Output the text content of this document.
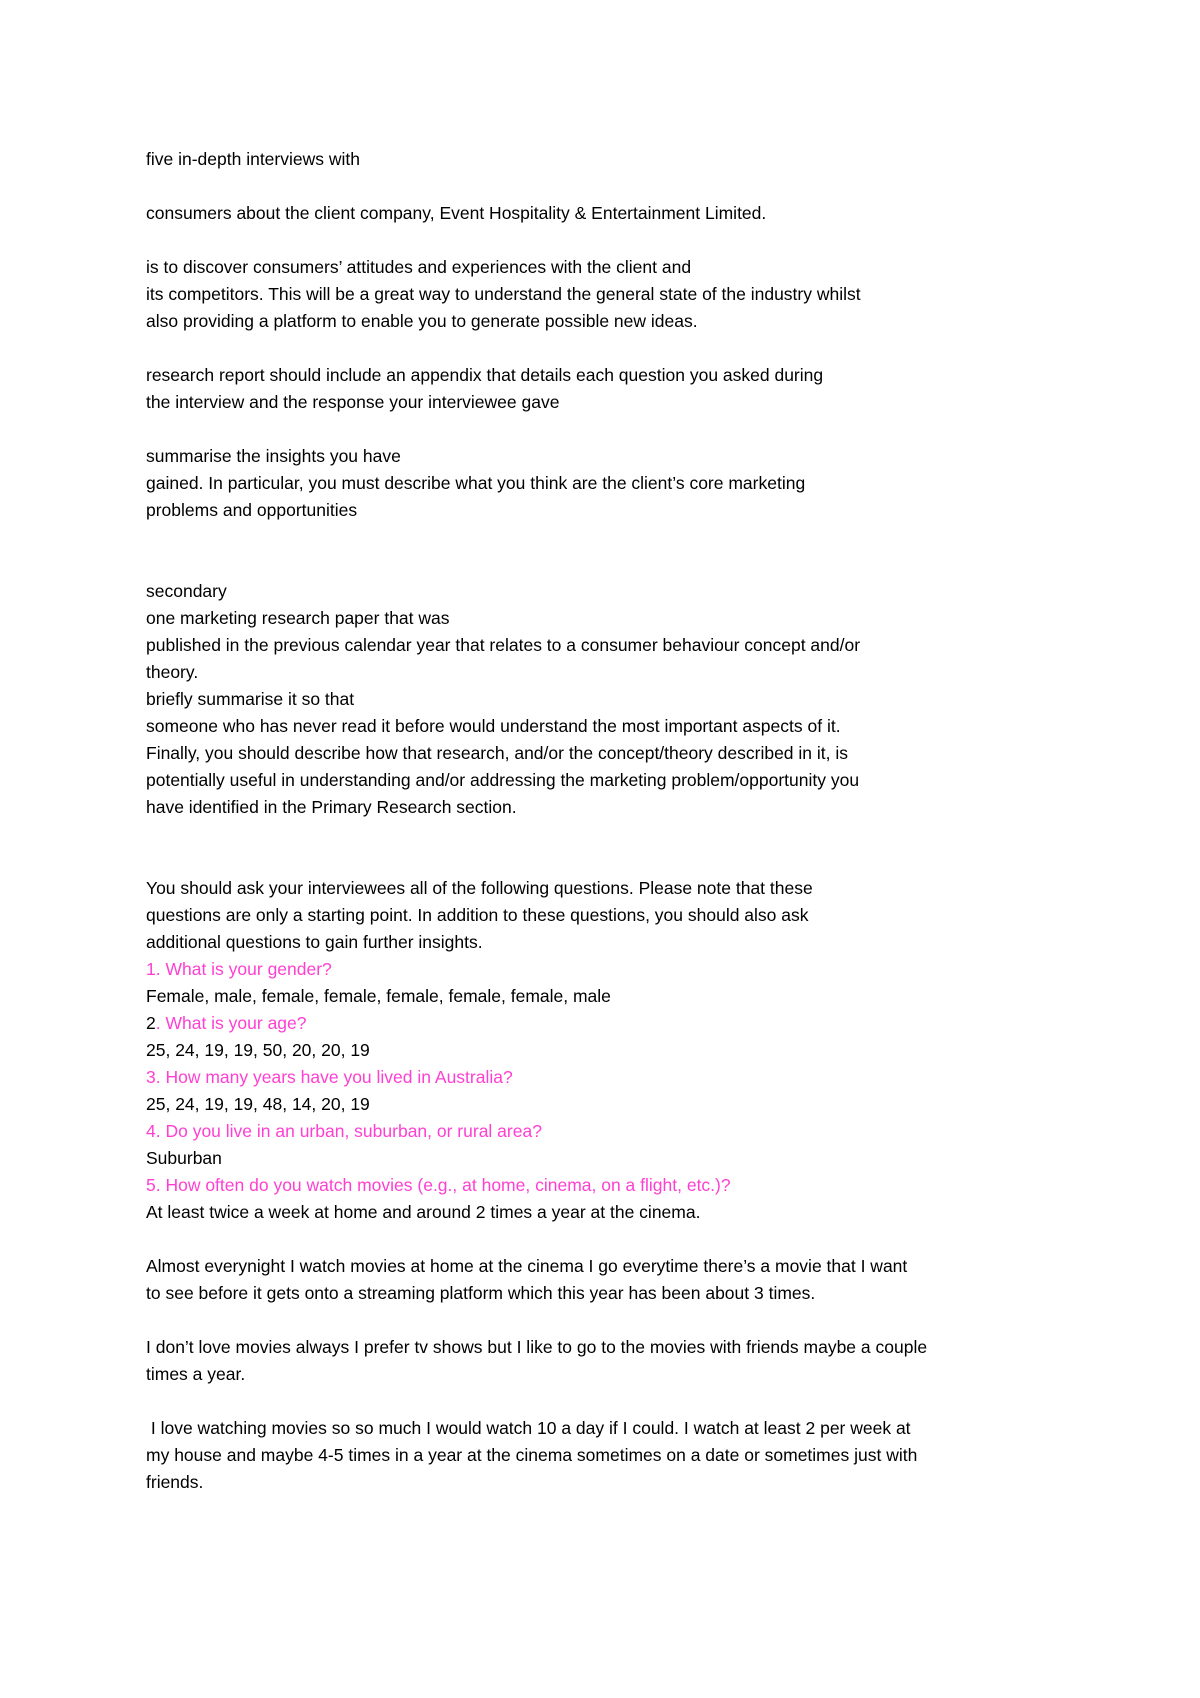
five in-depth interviews with
consumers about the client company, Event Hospitality & Entertainment Limited.
is to discover consumers’ attitudes and experiences with the client and
its competitors. This will be a great way to understand the general state of the industry whilst
also providing a platform to enable you to generate possible new ideas.
research report should include an appendix that details each question you asked during
the interview and the response your interviewee gave
summarise the insights you have
gained. In particular, you must describe what you think are the client’s core marketing
problems and opportunities
secondary
one marketing research paper that was
published in the previous calendar year that relates to a consumer behaviour concept and/or
theory.
briefly summarise it so that
someone who has never read it before would understand the most important aspects of it.
Finally, you should describe how that research, and/or the concept/theory described in it, is
potentially useful in understanding and/or addressing the marketing problem/opportunity you
have identified in the Primary Research section.
You should ask your interviewees all of the following questions. Please note that these
questions are only a starting point. In addition to these questions, you should also ask
additional questions to gain further insights.
1. What is your gender?
Female, male, female, female, female, female, female, male
2. What is your age?
25, 24, 19, 19, 50, 20, 20, 19
3. How many years have you lived in Australia?
25, 24, 19, 19, 48, 14, 20, 19
4. Do you live in an urban, suburban, or rural area?
Suburban
5. How often do you watch movies (e.g., at home, cinema, on a flight, etc.)?
At least twice a week at home and around 2 times a year at the cinema.
Almost everynight I watch movies at home at the cinema I go everytime there’s a movie that I want
to see before it gets onto a streaming platform which this year has been about 3 times.
I don’t love movies always I prefer tv shows but I like to go to the movies with friends maybe a couple
times a year.
I love watching movies so so much I would watch 10 a day if I could. I watch at least 2 per week at
my house and maybe 4-5 times in a year at the cinema sometimes on a date or sometimes just with
friends.
